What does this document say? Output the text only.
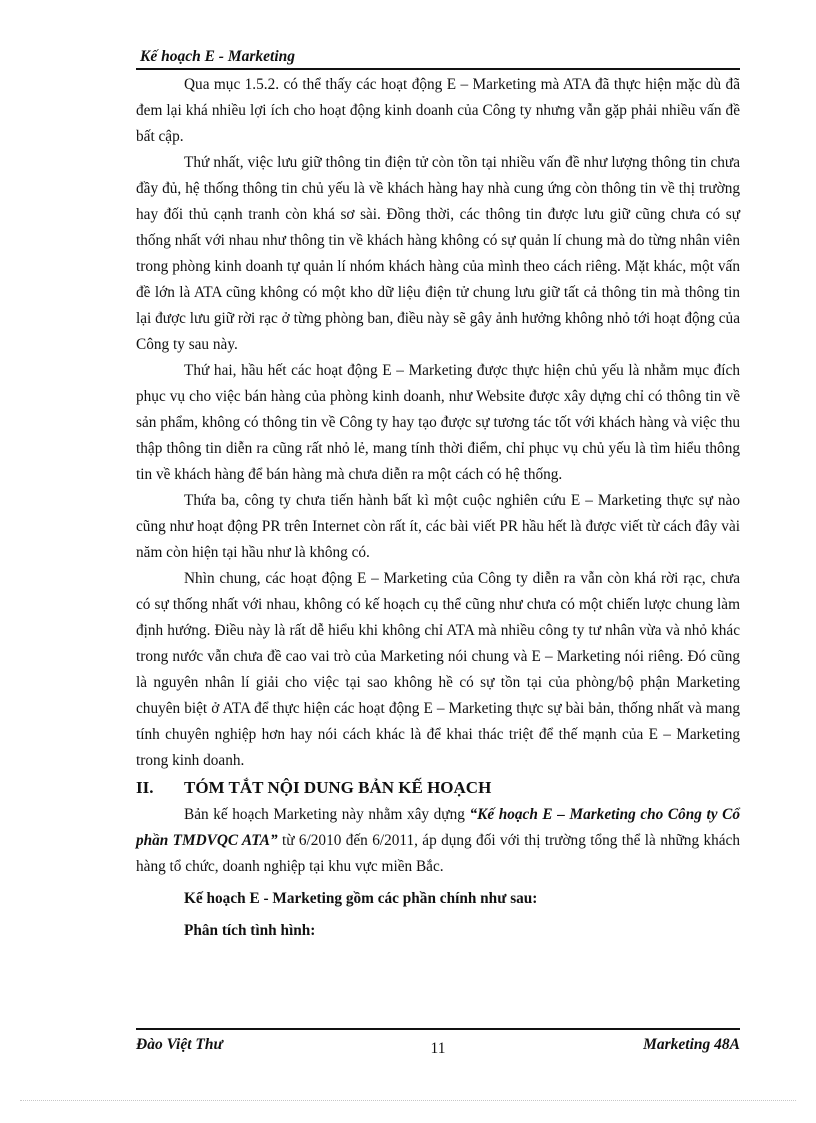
Kế hoạch E - Marketing

Qua mục 1.5.2. có thể thấy các hoạt động E – Marketing mà ATA đã thực hiện mặc dù đã đem lại khá nhiều lợi ích cho hoạt động kinh doanh của Công ty nhưng vẫn gặp phải nhiều vấn đề bất cập.

Thứ nhất, việc lưu giữ thông tin điện tử còn tồn tại nhiều vấn đề như lượng thông tin chưa đầy đủ, hệ thống thông tin chủ yếu là về khách hàng hay nhà cung ứng còn thông tin về thị trường hay đối thủ cạnh tranh còn khá sơ sài. Đồng thời, các thông tin được lưu giữ cũng chưa có sự thống nhất với nhau như thông tin về khách hàng không có sự quản lí chung mà do từng nhân viên trong phòng kinh doanh tự quản lí nhóm khách hàng của mình theo cách riêng. Mặt khác, một vấn đề lớn là ATA cũng không có một kho dữ liệu điện tử chung lưu giữ tất cả thông tin mà thông tin lại được lưu giữ rời rạc ở từng phòng ban, điều này sẽ gây ảnh hưởng không nhỏ tới hoạt động của Công ty sau này.

Thứ hai, hầu hết các hoạt động E – Marketing được thực hiện chủ yếu là nhằm mục đích phục vụ cho việc bán hàng của phòng kinh doanh, như Website được xây dựng chỉ có thông tin về sản phẩm, không có thông tin về Công ty hay tạo được sự tương tác tốt với khách hàng và việc thu thập thông tin diễn ra cũng rất nhỏ lẻ, mang tính thời điểm, chỉ phục vụ chủ yếu là tìm hiểu thông tin về khách hàng để bán hàng mà chưa diễn ra một cách có hệ thống.

Thứa ba, công ty chưa tiến hành bất kì một cuộc nghiên cứu E – Marketing thực sự nào cũng như hoạt động PR trên Internet còn rất ít, các bài viết PR hầu hết là được viết từ cách đây vài năm còn hiện tại hầu như là không có.

Nhìn chung, các hoạt động E – Marketing của Công ty diễn ra vẫn còn khá rời rạc, chưa có sự thống nhất với nhau, không có kế hoạch cụ thể cũng như chưa có một chiến lược chung làm định hướng. Điều này là rất dễ hiểu khi không chỉ ATA mà nhiều công ty tư nhân vừa và nhỏ khác trong nước vẫn chưa đề cao vai trò của Marketing nói chung và E – Marketing nói riêng. Đó cũng là nguyên nhân lí giải cho việc tại sao không hề có sự tồn tại của phòng/bộ phận Marketing chuyên biệt ở ATA để thực hiện các hoạt động E – Marketing thực sự bài bản, thống nhất và mang tính chuyên nghiệp hơn hay nói cách khác là để khai thác triệt để thế mạnh của E – Marketing trong kinh doanh.

II.	TÓM TẮT NỘI DUNG BẢN KẾ HOẠCH

Bản kế hoạch Marketing này nhằm xây dựng “Kế hoạch E – Marketing cho Công ty Cổ phần TMDVQC ATA” từ 6/2010 đến 6/2011, áp dụng đối với thị trường tổng thể là những khách hàng tổ chức, doanh nghiệp tại khu vực miền Bắc.

Kế hoạch E - Marketing gồm các phần chính như sau:

Phân tích tình hình:

Đào Việt Thư	11	Marketing 48A
